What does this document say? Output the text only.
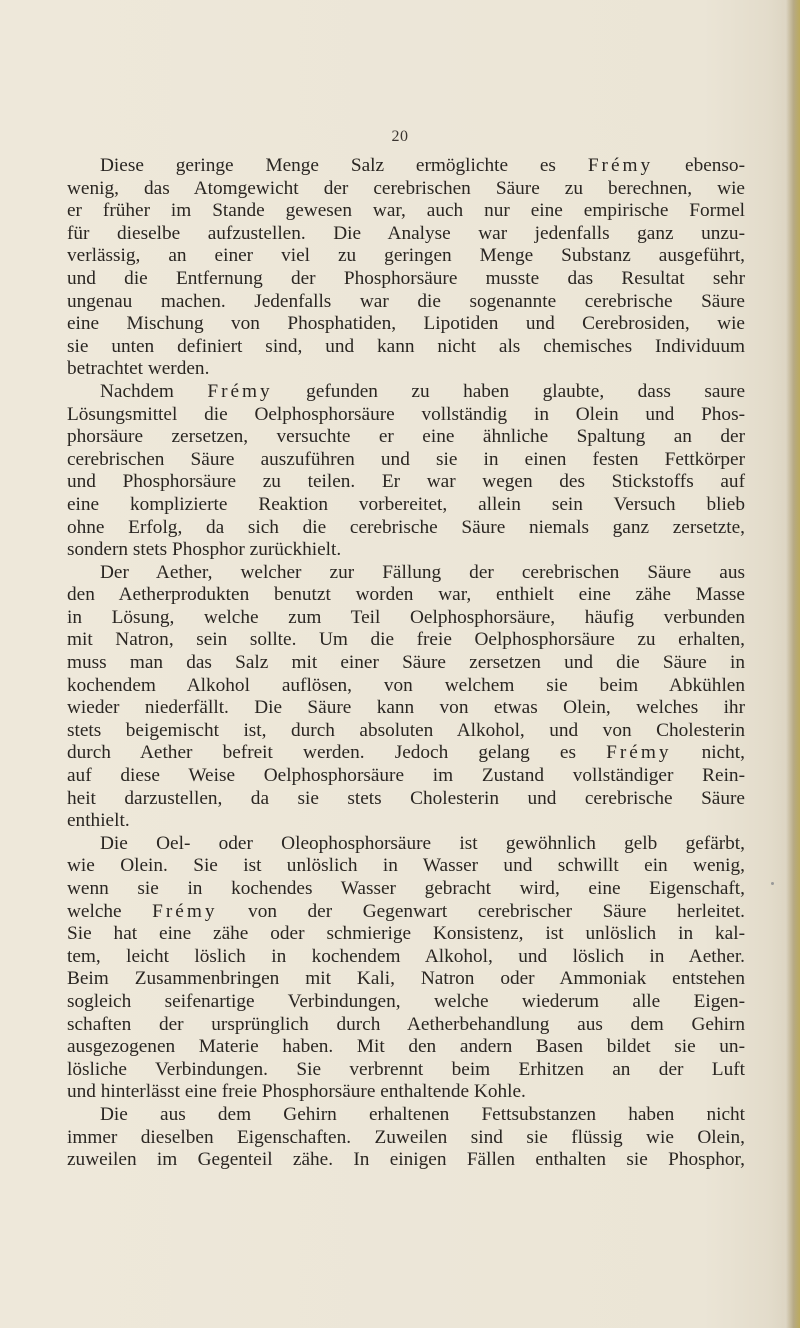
20
Diese geringe Menge Salz ermöglichte es Frémy ebenso-
wenig, das Atomgewicht der cerebrischen Säure zu berechnen, wie
er früher im Stande gewesen war, auch nur eine empirische Formel
für dieselbe aufzustellen. Die Analyse war jedenfalls ganz unzu-
verlässig, an einer viel zu geringen Menge Substanz ausgeführt,
und die Entfernung der Phosphorsäure musste das Resultat sehr
ungenau machen. Jedenfalls war die sogenannte cerebrische Säure
eine Mischung von Phosphatiden, Lipotiden und Cerebrosiden, wie
sie unten definiert sind, und kann nicht als chemisches Individuum
betrachtet werden.
Nachdem Frémy gefunden zu haben glaubte, dass saure
Lösungsmittel die Oelphosphorsäure vollständig in Olein und Phos-
phorsäure zersetzen, versuchte er eine ähnliche Spaltung an der
cerebrischen Säure auszuführen und sie in einen festen Fettkörper
und Phosphorsäure zu teilen. Er war wegen des Stickstoffs auf
eine komplizierte Reaktion vorbereitet, allein sein Versuch blieb
ohne Erfolg, da sich die cerebrische Säure niemals ganz zersetzte,
sondern stets Phosphor zurückhielt.
Der Aether, welcher zur Fällung der cerebrischen Säure aus
den Aetherprodukten benutzt worden war, enthielt eine zähe Masse
in Lösung, welche zum Teil Oelphosphorsäure, häufig verbunden
mit Natron, sein sollte. Um die freie Oelphosphorsäure zu erhalten,
muss man das Salz mit einer Säure zersetzen und die Säure in
kochendem Alkohol auflösen, von welchem sie beim Abkühlen
wieder niederfällt. Die Säure kann von etwas Olein, welches ihr
stets beigemischt ist, durch absoluten Alkohol, und von Cholesterin
durch Aether befreit werden. Jedoch gelang es Frémy nicht,
auf diese Weise Oelphosphorsäure im Zustand vollständiger Rein-
heit darzustellen, da sie stets Cholesterin und cerebrische Säure
enthielt.
Die Oel- oder Oleophosphorsäure ist gewöhnlich gelb gefärbt,
wie Olein. Sie ist unlöslich in Wasser und schwillt ein wenig,
wenn sie in kochendes Wasser gebracht wird, eine Eigenschaft,
welche Frémy von der Gegenwart cerebrischer Säure herleitet.
Sie hat eine zähe oder schmierige Konsistenz, ist unlöslich in kal-
tem, leicht löslich in kochendem Alkohol, und löslich in Aether.
Beim Zusammenbringen mit Kali, Natron oder Ammoniak entstehen
sogleich seifenartige Verbindungen, welche wiederum alle Eigen-
schaften der ursprünglich durch Aetherbehandlung aus dem Gehirn
ausgezogenen Materie haben. Mit den andern Basen bildet sie un-
lösliche Verbindungen. Sie verbrennt beim Erhitzen an der Luft
und hinterlässt eine freie Phosphorsäure enthaltende Kohle.
Die aus dem Gehirn erhaltenen Fettsubstanzen haben nicht
immer dieselben Eigenschaften. Zuweilen sind sie flüssig wie Olein,
zuweilen im Gegenteil zähe. In einigen Fällen enthalten sie Phosphor,
